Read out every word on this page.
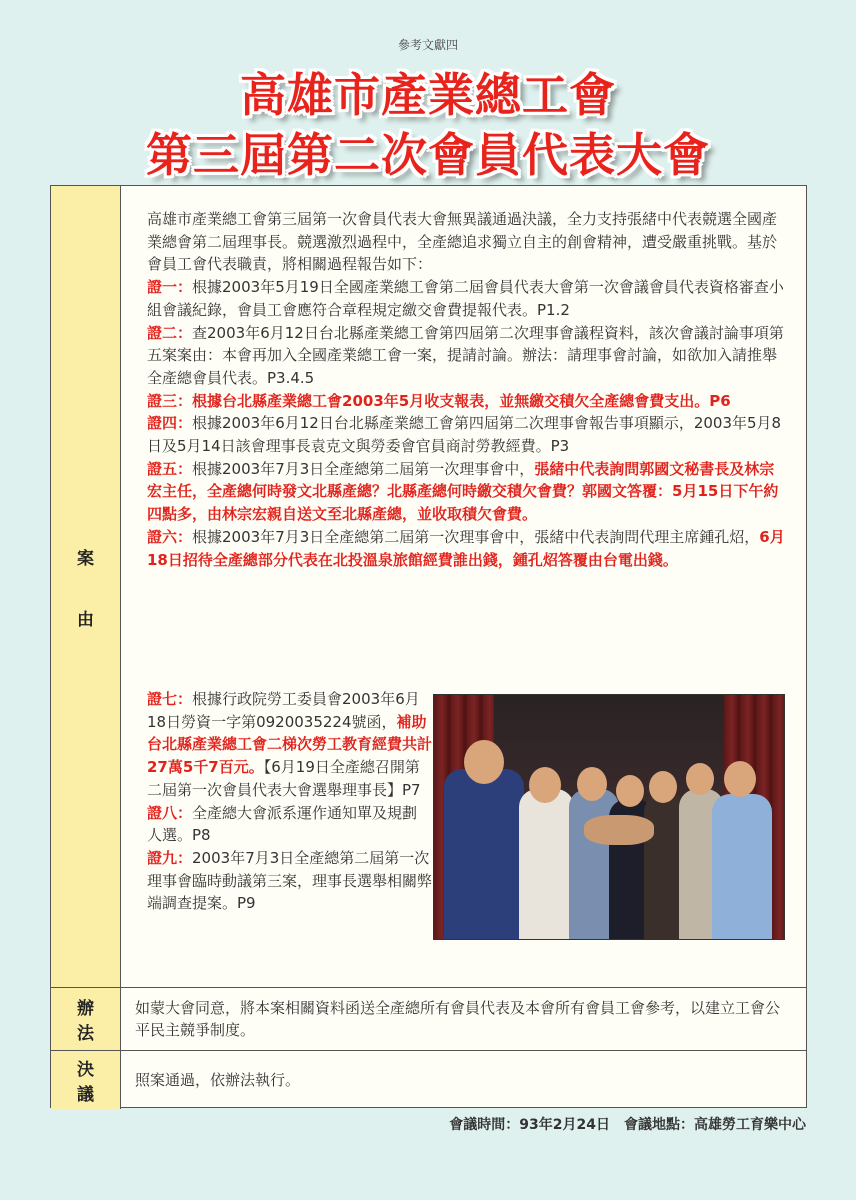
參考文獻四
高雄市產業總工會
第三屆第二次會員代表大會
案
由

高雄市產業總工會第三屆第一次會員代表大會無異議通過決議，全力支持張緒中代表競選全國產業總會第二屆理事長。競選激烈過程中，全產總追求獨立自主的創會精神，遭受嚴重挑戰。基於會員工會代表職責，將相關過程報告如下：

證一：根據2003年5月19日全國產業總工會第二屆會員代表大會第一次會議會員代表資格審查小組會議紀錄，會員工會應符合章程規定繳交會費提報代表。P1.2

證二：查2003年6月12日台北縣產業總工會第四屆第二次理事會議程資料，該次會議討論事項第五案案由：本會再加入全國產業總工會一案，提請討論。辦法：請理事會討論，如欲加入請推舉全產總會員代表。P3.4.5

證三：根據台北縣產業總工會2003年5月收支報表，並無繳交積欠全產總會費支出。P6

證四：根據2003年6月12日台北縣產業總工會第四屆第二次理事會報告事項顯示，2003年5月8日及5月14日該會理事長袁克文與勞委會官員商討勞教經費。P3

證五：根據2003年7月3日全產總第二屆第一次理事會中，張緒中代表詢問郭國文秘書長及林宗宏主任，全產總何時發文北縣產總？北縣產總何時繳交積欠會費？郭國文答覆：5月15日下午約四點多，由林宗宏親自送文至北縣產總，並收取積欠會費。

證六：根據2003年7月3日全產總第二屆第一次理事會中，張緒中代表詢問代理主席鍾孔炤，6月18日招待全產總部分代表在北投溫泉旅館經費誰出錢，鍾孔炤答覆由台電出錢。

證七：根據行政院勞工委員會2003年6月18日勞資一字第0920035224號函，補助台北縣產業總工會二梯次勞工教育經費共計27萬5千7百元。【6月19日全產總召開第二屆第一次會員代表大會選舉理事長】P7

證八：全產總大會派系運作通知單及規劃人選。P8

證九：2003年7月3日全產總第二屆第一次理事會臨時動議第三案，理事長選舉相關弊端調查提案。P9

辦
法
如蒙大會同意，將本案相關資料函送全產總所有會員代表及本會所有會員工會參考，以建立工會公平民主競爭制度。
決
議
照案通過，依辦法執行。
會議時間：93年2月24日　會議地點：高雄勞工育樂中心
